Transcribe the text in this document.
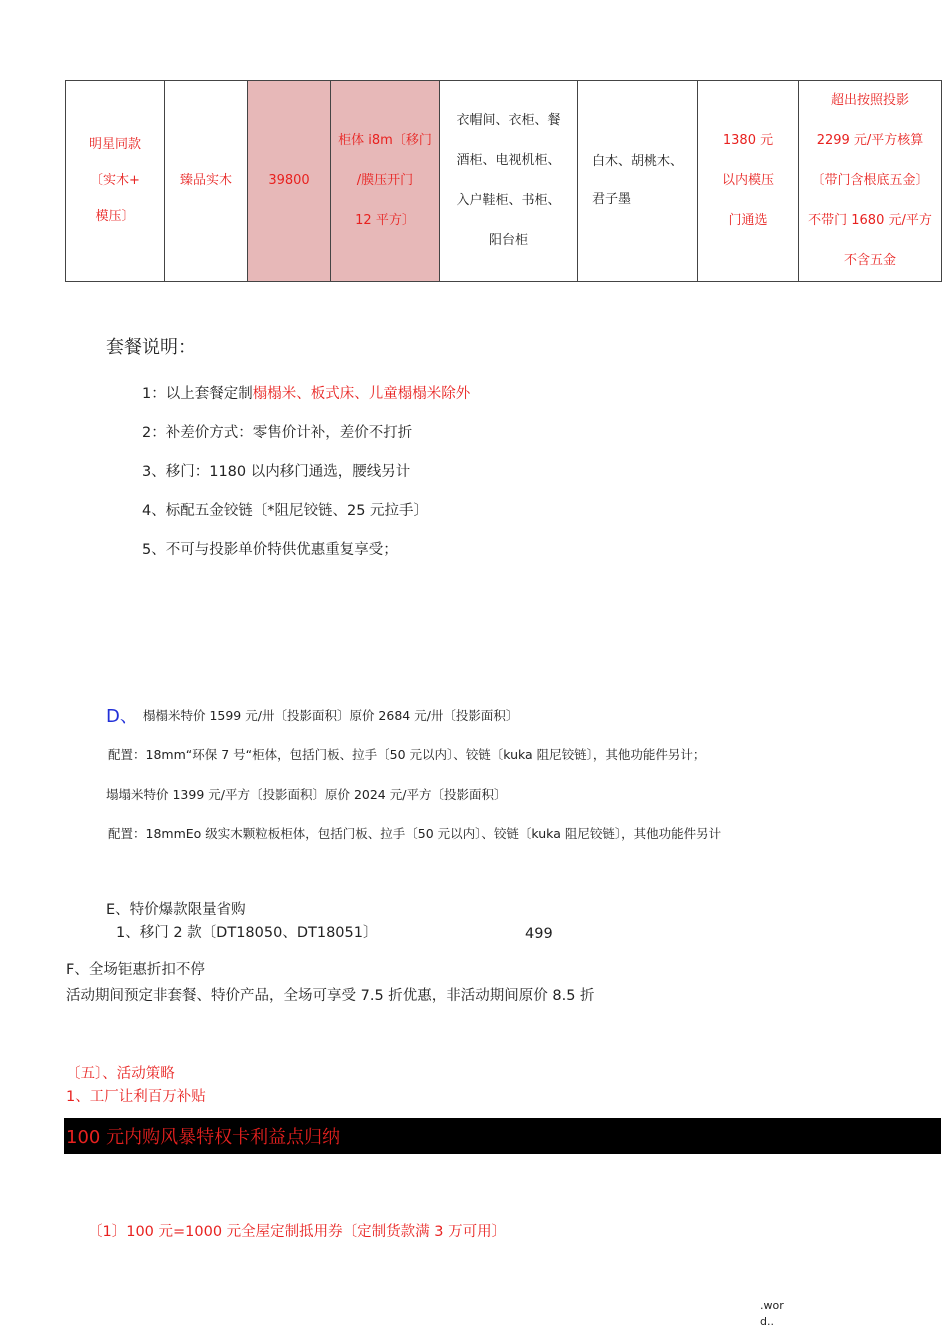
明星同款
〔实木+
模压〕

臻品实木	39800

柜体 i8m〔移门
/膜压开门
12 平方〕

衣帽间、衣柜、餐
酒柜、电视机柜、
入户鞋柜、书柜、
阳台柜

白木、胡桃木、
君子墨

1380 元
以内模压
门通选

超出按照投影
2299 元/平方核算
〔带门含根底五金〕
不带门 1680 元/平方
不含五金
套餐说明：
1：以上套餐定制榻榻米、板式床、儿童榻榻米除外
2：补差价方式：零售价计补，差价不打折
3、移门：1180 以内移门通选，腰线另计
4、标配五金铰链〔*阻尼铰链、25 元拉手〕
5、不可与投影单价特供优惠重复享受；
D、 榻榻米特价 1599 元/卅〔投影面积〕原价 2684 元/卅〔投影面积〕
配置：18mm“环保 7 号“柜体，包括门板、拉手〔50 元以内〕、铰链〔kuka 阻尼铰链〕，其他功能件另计；
塌塌米特价 1399 元/平方〔投影面积〕原价 2024 元/平方〔投影面积〕
配置：18mmEo 级实木颗粒板柜体，包括门板、拉手〔50 元以内〕、铰链〔kuka 阻尼铰链〕，其他功能件另计
E、特价爆款限量省购
1、移门 2 款〔DT18050、DT18051〕	499
F、全场钜惠折扣不停
活动期间预定非套餐、特价产品，全场可享受 7.5 折优惠，非活动期间原价 8.5 折
〔五〕、活动策略
1、工厂让利百万补贴
100 元内购风暴特权卡利益点归纳
〔1〕100 元=1000 元全屋定制抵用券〔定制货款满 3 万可用〕
.wor
d..
